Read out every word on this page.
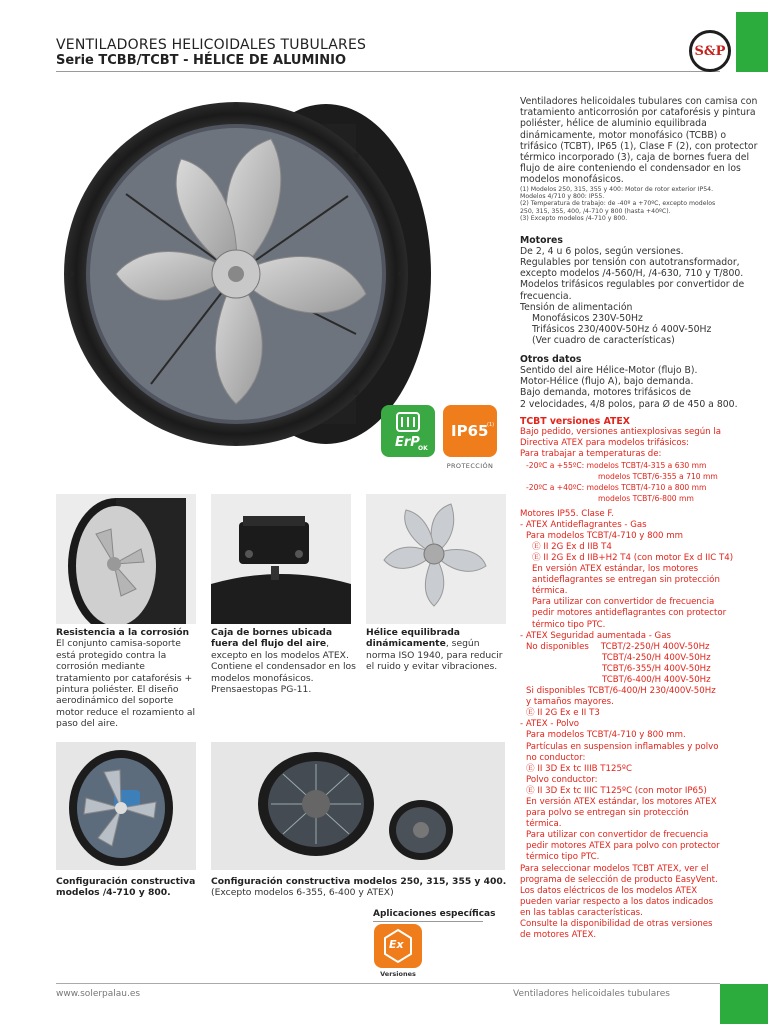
VENTILADORES HELICOIDALES TUBULARES
Serie TCBB/TCBT - HÉLICE DE ALUMINIO
S&P
ErP
OK
IP65
(1)
PROTECCIÓN

Ventiladores helicoidales tubulares con camisa con tratamiento anticorrosión por cataforésis y pintura poliéster, hélice de aluminio equilibrada dinámicamente, motor monofásico (TCBB) o trifásico (TCBT), IP65 (1), Clase F (2), con protector térmico incorporado (3), caja de bornes fuera del flujo de aire conteniendo el condensador en los modelos monofásicos.

(1) Modelos 250, 315, 355 y 400: Motor de rotor exterior IP54.
Modelos 4/710 y 800: IP55.
(2) Temperatura de trabajo: de -40º a +70ºC, excepto modelos
250, 315, 355, 400, /4-710 y 800 (hasta +40ºC).
(3) Excepto modelos /4-710 y 800.
Motores
De 2, 4 u 6 polos, según versiones.
Regulables por tensión con autotransformador, excepto modelos /4-560/H, /4-630, 710 y T/800.
Modelos trifásicos regulables por convertidor de frecuencia.
Tensión de alimentación
Monofásicos 230V-50Hz
Trifásicos 230/400V-50Hz ó 400V-50Hz
(Ver cuadro de características)
Otros datos
Sentido del aire Hélice-Motor (flujo B).
Motor-Hélice (flujo A), bajo demanda.
Bajo demanda, motores trifásicos de
2 velocidades, 4/8 polos, para Ø de 450 a 800.
TCBT versiones ATEX
Bajo pedido, versiones antiexplosivas según la
Directiva ATEX para modelos trifásicos:
Para trabajar a temperaturas de:
-20ºC a +55ºC: modelos TCBT/4-315 a 630 mm
modelos TCBT/6-355 a 710 mm
-20ºC a +40ºC: modelos TCBT/4-710 a 800 mm
modelos TCBT/6-800 mm
Motores IP55. Clase F.
- ATEX Antideflagrantes - Gas
Para modelos TCBT/4-710 y 800 mm
Ⓔ II 2G Ex d IIB T4
Ⓔ II 2G Ex d IIB+H2 T4 (con motor Ex d IIC T4)
En versión ATEX estándar, los motores
antideflagrantes se entregan sin protección
térmica.
Para utilizar con convertidor de frecuencia
pedir motores antideflagrantes con protector
térmico tipo PTC.
- ATEX Seguridad aumentada - Gas
No disponibles TCBT/2-250/H 400V-50Hz
TCBT/4-250/H 400V-50Hz
TCBT/6-355/H 400V-50Hz
TCBT/6-400/H 400V-50Hz
Si disponibles TCBT/6-400/H 230/400V-50Hz
y tamaños mayores.
Ⓔ II 2G Ex e II T3
- ATEX - Polvo
Para modelos TCBT/4-710 y 800 mm.
Partículas en suspension inflamables y polvo
no conductor:
Ⓔ II 3D Ex tc IIIB T125ºC
Polvo conductor:
Ⓔ II 3D Ex tc IIIC T125ºC (con motor IP65)
En versión ATEX estándar, los motores ATEX
para polvo se entregan sin protección
térmica.
Para utilizar con convertidor de frecuencia
pedir motores ATEX para polvo con protector
térmico tipo PTC.
Para seleccionar modelos TCBT ATEX, ver el
programa de selección de producto EasyVent.
Los datos eléctricos de los modelos ATEX
pueden variar respecto a los datos indicados
en las tablas características.
Consulte la disponibilidad de otras versiones
de motores ATEX.
Resistencia a la corrosión
El conjunto camisa-soporte está protegido contra la corrosión mediante tratamiento por cataforésis + pintura poliéster. El diseño aerodinámico del soporte motor reduce el rozamiento al paso del aire.
Caja de bornes ubicada fuera del flujo del aire, excepto en los modelos ATEX. Contiene el condensador en los modelos monofásicos. Prensaestopas PG-11.
Hélice equilibrada dinámicamente, según norma ISO 1940, para reducir el ruido y evitar vibraciones.
Configuración constructiva modelos /4-710 y 800.
Configuración constructiva modelos 250, 315, 355 y 400.
(Excepto modelos 6-355, 6-400 y ATEX)
Aplicaciones específicas
Ex
Versiones
www.solerpalau.es	Ventiladores helicoidales tubulares
